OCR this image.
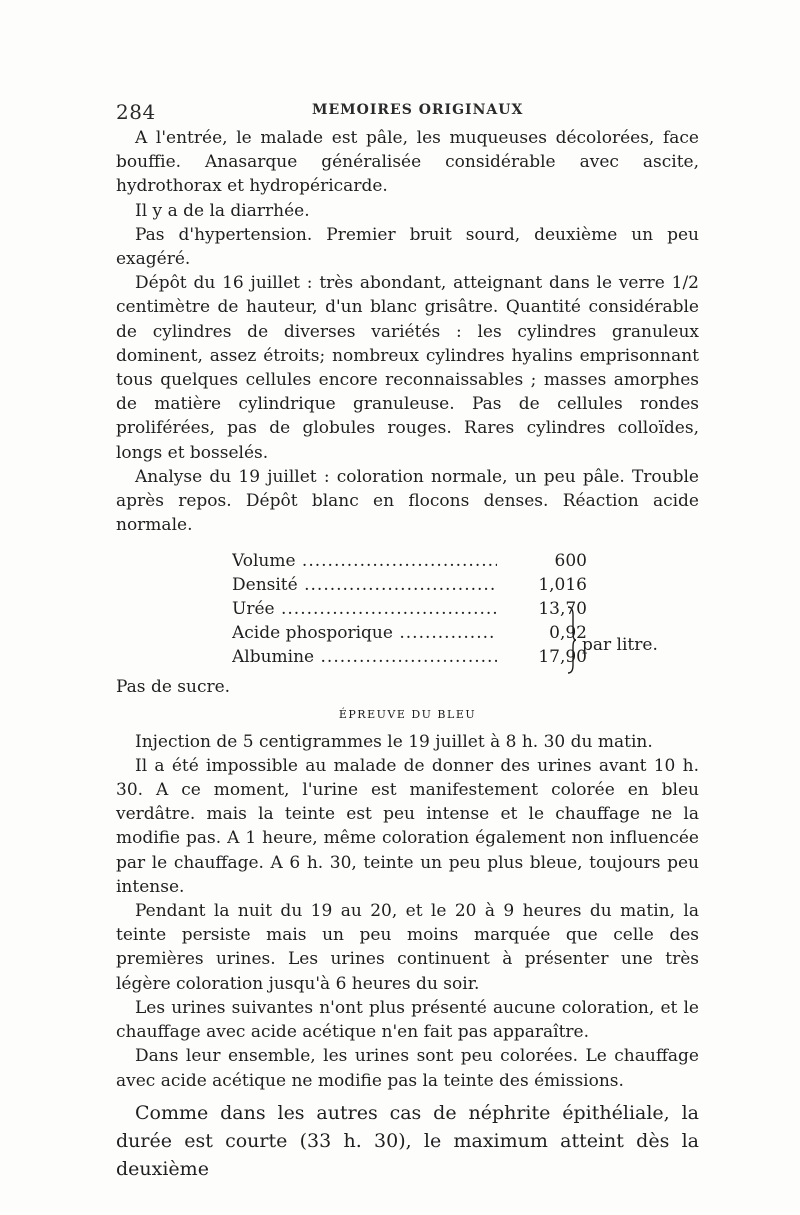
284	MEMOIRES ORIGINAUX

A l'entrée, le malade est pâle, les muqueuses décolorées, face bouffie. Anasarque généralisée considérable avec ascite, hydrothorax et hydropéricarde.

Il y a de la diarrhée.

Pas d'hypertension. Premier bruit sourd, deuxième un peu exagéré.

Dépôt du 16 juillet : très abondant, atteignant dans le verre 1/2 centimètre de hauteur, d'un blanc grisâtre. Quantité considérable de cylindres de diverses variétés : les cylindres granuleux dominent, assez étroits; nombreux cylindres hyalins emprisonnant tous quelques cellules encore reconnaissables ; masses amorphes de matière cylindrique granuleuse. Pas de cellules rondes proliférées, pas de globules rouges. Rares cylindres colloïdes, longs et bosselés.

Analyse du 19 juillet : coloration normale, un peu pâle. Trouble après repos. Dépôt blanc en flocons denses. Réaction acide normale.

Volume .....	600
Densité .....	1,016
Urée .....	13,70
Acide phosporique .....	0,92
Albumine .....	17,90
par litre.

Pas de sucre.

ÉPREUVE DU BLEU

Injection de 5 centigrammes le 19 juillet à 8 h. 30 du matin.

Il a été impossible au malade de donner des urines avant 10 h. 30. A ce moment, l'urine est manifestement colorée en bleu verdâtre. mais la teinte est peu intense et le chauffage ne la modifie pas. A 1 heure, même coloration également non influencée par le chauffage. A 6 h. 30, teinte un peu plus bleue, toujours peu intense.

Pendant la nuit du 19 au 20, et le 20 à 9 heures du matin, la teinte persiste mais un peu moins marquée que celle des premières urines. Les urines continuent à présenter une très légère coloration jusqu'à 6 heures du soir.

Les urines suivantes n'ont plus présenté aucune coloration, et le chauffage avec acide acétique n'en fait pas apparaître.

Dans leur ensemble, les urines sont peu colorées. Le chauffage avec acide acétique ne modifie pas la teinte des émissions.

Comme dans les autres cas de néphrite épithéliale, la durée est courte (33 h. 30), le maximum atteint dès la deuxième
